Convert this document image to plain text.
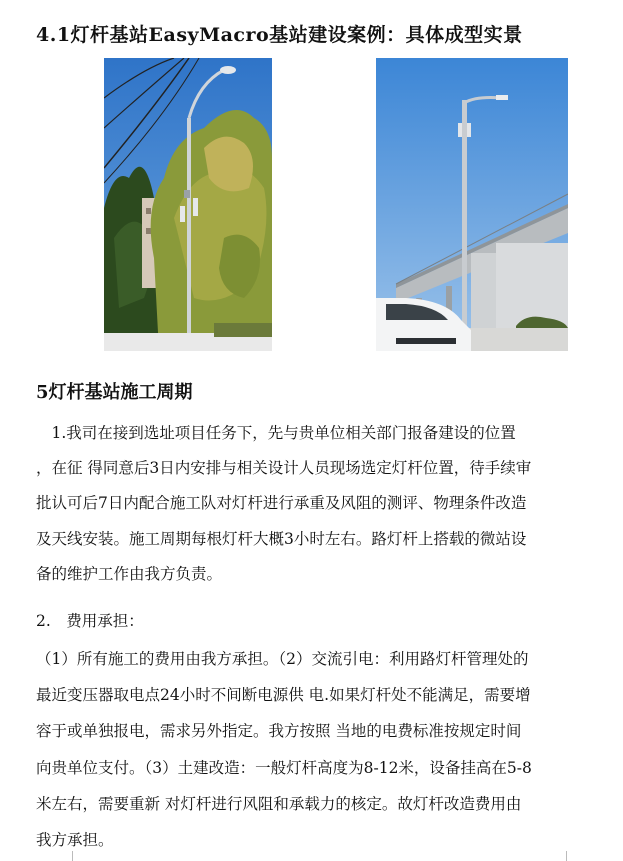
4.1灯杆基站EasyMacro基站建设案例：具体成型实景
5灯杆基站施工周期
　1.我司在接到选址项目任务下，先与贵单位相关部门报备建设的位置
，在征 得同意后3日内安排与相关设计人员现场选定灯杆位置，待手续审
批认可后7日内配合施工队对灯杆进行承重及风阻的测评、物理条件改造
及天线安装。施工周期每根灯杆大概3小时左右。路灯杆上搭载的微站设
备的维护工作由我方负责。
2.　费用承担：
（1）所有施工的费用由我方承担。（2）交流引电：利用路灯杆管理处的
最近变压器取电点24小时不间断电源供 电.如果灯杆处不能满足，需要增
容于或单独报电，需求另外指定。我方按照 当地的电费标准按规定时间
向贵单位支付。（3）土建改造：一般灯杆高度为8-12米，设备挂高在5-8
米左右，需要重新 对灯杆进行风阻和承载力的核定。故灯杆改造费用由
我方承担。
